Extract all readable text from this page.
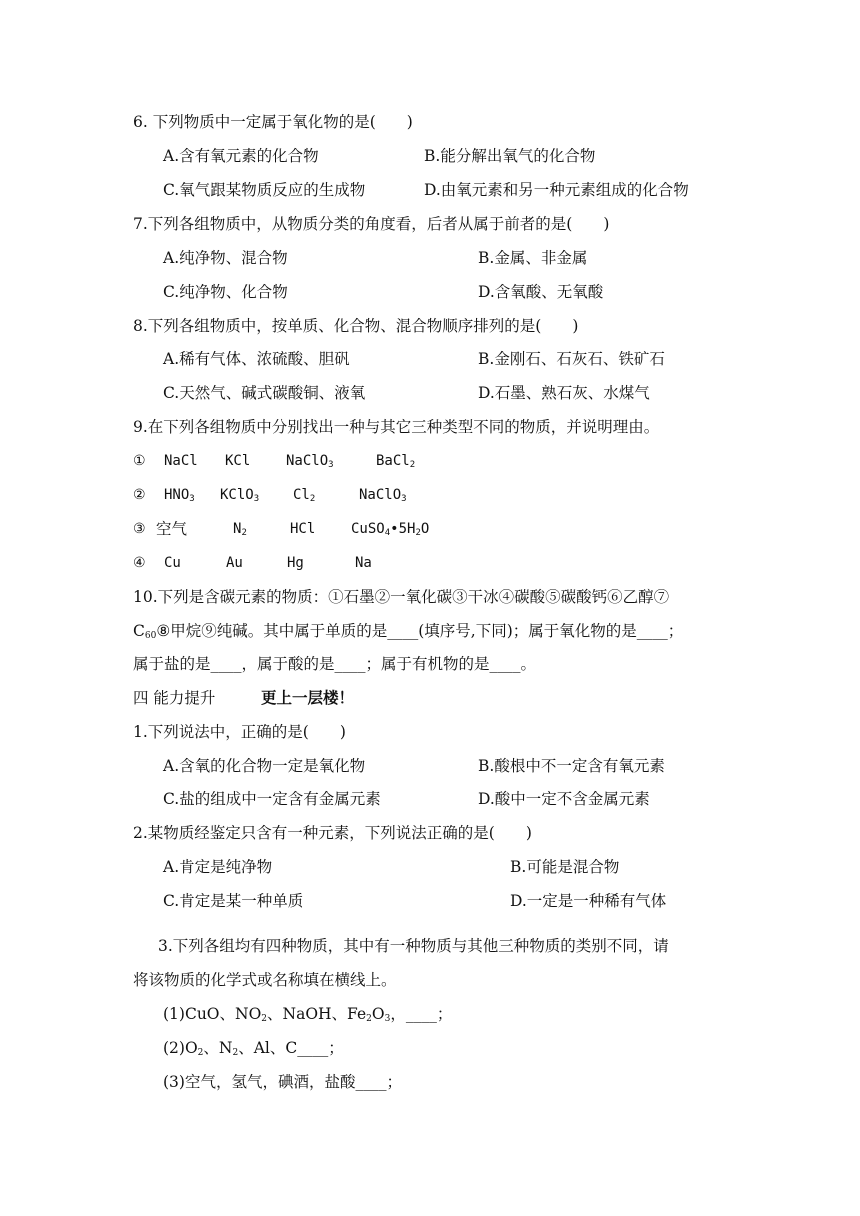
6. 下列物质中一定属于氧化物的是(　　)
A.含有氧元素的化合物	B.能分解出氧气的化合物
C.氧气跟某物质反应的生成物	D.由氧元素和另一种元素组成的化合物
7.下列各组物质中，从物质分类的角度看，后者从属于前者的是(　　)
A.纯净物、混合物	B.金属、非金属
C.纯净物、化合物	D.含氧酸、无氧酸
8.下列各组物质中，按单质、化合物、混合物顺序排列的是(　　)
A.稀有气体、浓硫酸、胆矾	B.金刚石、石灰石、铁矿石
C.天然气、碱式碳酸铜、液氧	D.石墨、熟石灰、水煤气
9.在下列各组物质中分别找出一种与其它三种类型不同的物质，并说明理由。
① NaCl KCl	NaClO$_3$	BaCl$_2$
② $HNO_3$ KClO$_3$ $Cl_2$	NaClO$_3$
③ 空气	$N_2$	HCl	$CuSO_4•5H_2O$
④ Cu	Au	Hg	Na
10.下列是含碳元素的物质：①石墨②一氧化碳③干冰④碳酸⑤碳酸钙⑥乙醇⑦
$C_{60}⑧$甲烷⑨纯碱。其中属于单质的是____(填序号,下同)；属于氧化物的是____；
属于盐的是____，属于酸的是____；属于有机物的是____。
四 能力提升	更上一层楼！
1.下列说法中，正确的是(　　)
A.含氧的化合物一定是氧化物	B.酸根中不一定含有氧元素
C.盐的组成中一定含有金属元素	D.酸中一定不含金属元素
2.某物质经鉴定只含有一种元素，下列说法正确的是(　　)
A.肯定是纯净物	B.可能是混合物
C.肯定是某一种单质	D.一定是一种稀有气体
3.下列各组均有四种物质，其中有一种物质与其他三种物质的类别不同，请
将该物质的化学式或名称填在横线上。
(1)CuO、$NO_2$、NaOH、$Fe_2O_3$，____；
$(2)O_2$、$N_2$、Al、C____；
(3)空气，氢气，碘酒，盐酸____；
